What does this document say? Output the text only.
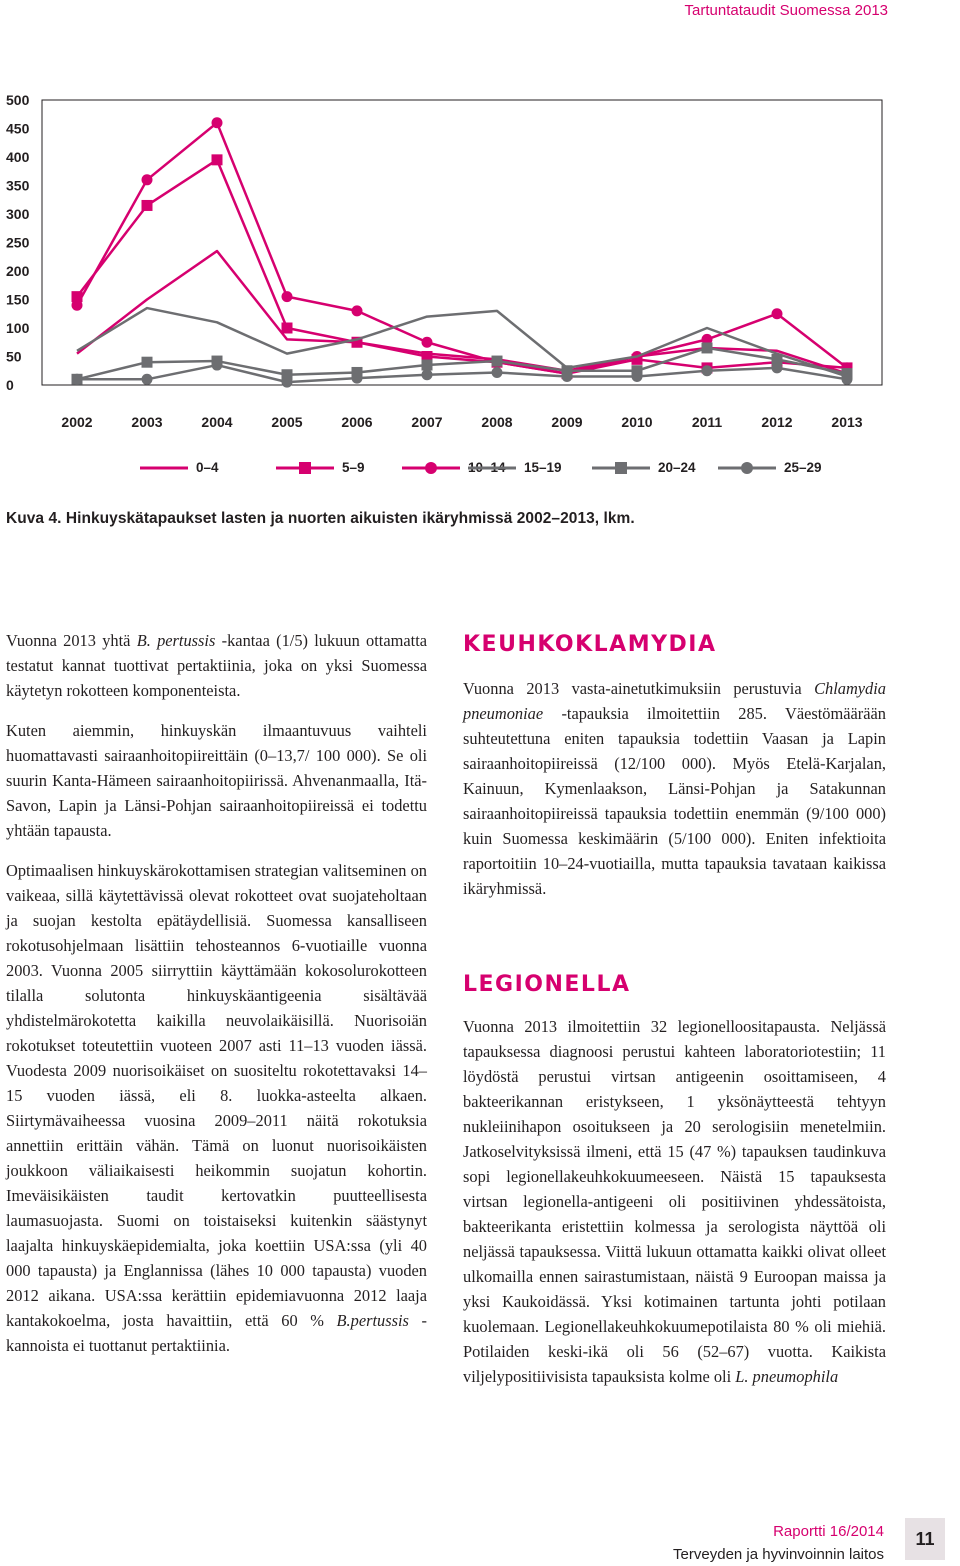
Tartuntataudit Suomessa 2013
0
50
100
150
200
250
300
350
400
450
500
2002	2003	2004	2005	2006	2007	2008	2009	2010	2011	2012	2013
0–4	5–9	10–14 15–19	20–24	25–29
Kuva 4. Hinkuyskätapaukset lasten ja nuorten aikuisten ikäryhmissä 2002–2013, lkm.

Vuonna 2013 yhtä B. pertussis -kantaa (1/5) lukuun ottamatta testatut kannat tuottivat pertaktiinia, joka on yksi Suomessa käytetyn rokotteen komponenteista.

Kuten aiemmin, hinkuyskän ilmaantuvuus vaihteli huomattavasti sairaanhoitopiireittäin (0–13,7/ 100 000). Se oli suurin Kanta-Hämeen sairaanhoitopiirissä. Ahvenanmaalla, Itä-Savon, Lapin ja Länsi-Pohjan sairaanhoitopiireissä ei todettu yhtään tapausta.

Optimaalisen hinkuyskärokottamisen strategian valitseminen on vaikeaa, sillä käytettävissä olevat rokotteet ovat suojateholtaan ja suojan kestolta epätäydellisiä. Suomessa kansalliseen rokotusohjelmaan lisättiin tehosteannos 6-vuotiaille vuonna 2003. Vuonna 2005 siirryttiin käyttämään kokosolurokotteen tilalla solutonta hinkuyskäantigeenia sisältävää yhdistelmärokotetta kaikilla neuvolaikäisillä. Nuorisoiän rokotukset toteutettiin vuoteen 2007 asti 11–13 vuoden iässä. Vuodesta 2009 nuorisoikäiset on suositeltu rokotettavaksi 14–15 vuoden iässä, eli 8. luokka-asteelta alkaen. Siirtymävaiheessa vuosina 2009–2011 näitä rokotuksia annettiin erittäin vähän. Tämä on luonut nuorisoikäisten joukkoon väliaikaisesti heikommin suojatun kohortin. Imeväisikäisten taudit kertovatkin puutteellisesta laumasuojasta. Suomi on toistaiseksi kuitenkin säästynyt laajalta hinkuyskäepidemialta, joka koettiin USA:ssa (yli 40 000 tapausta) ja Englannissa (lähes 10 000 tapausta) vuoden 2012 aikana. USA:ssa kerättiin epidemiavuonna 2012 laaja kantakokoelma, josta havaittiin, että 60 % B.pertussis -kannoista ei tuottanut pertaktiinia.

KEUHKOKLAMYDIA

Vuonna 2013 vasta-ainetutkimuksiin perustuvia Chlamydia pneumoniae -tapauksia ilmoitettiin 285. Väestömäärään suhteutettuna eniten tapauksia todettiin Vaasan ja Lapin sairaanhoitopiireissä (12/100 000). Myös Etelä-Karjalan, Kainuun, Kymenlaakson, Länsi-Pohjan ja Satakunnan sairaanhoitopiireissä tapauksia todettiin enemmän (9/100 000) kuin Suomessa keskimäärin (5/100 000). Eniten infektioita raportoitiin 10–24-vuotiailla, mutta tapauksia tavataan kaikissa ikäryhmissä.

LEGIONELLA

Vuonna 2013 ilmoitettiin 32 legionelloositapausta. Neljässä tapauksessa diagnoosi perustui kahteen laboratoriotestiin; 11 löydöstä perustui virtsan antigeenin osoittamiseen, 4 bakteerikannan eristykseen, 1 yksönäytteestä tehtyyn nukleiinihapon osoitukseen ja 20 serologisiin menetelmiin. Jatkoselvityksissä ilmeni, että 15 (47 %) tapauksen taudinkuva sopi legionellakeuhkokuumeeseen. Näistä 15 tapauksesta virtsan legionella-antigeeni oli positiivinen yhdessätoista, bakteerikanta eristettiin kolmessa ja serologista näyttöä oli neljässä tapauksessa. Viittä lukuun ottamatta kaikki olivat olleet ulkomailla ennen sairastumistaan, näistä 9 Euroopan maissa ja yksi Kaukoidässä. Yksi kotimainen tartunta johti potilaan kuolemaan. Legionellakeuhkokuumepotilaista 80 % oli miehiä. Potilaiden keski-ikä oli 56 (52–67) vuotta. Kaikista viljelypositiivisista tapauksista kolme oli L. pneumophila

Raportti 16/2014
Terveyden ja hyvinvoinnin laitos
11
